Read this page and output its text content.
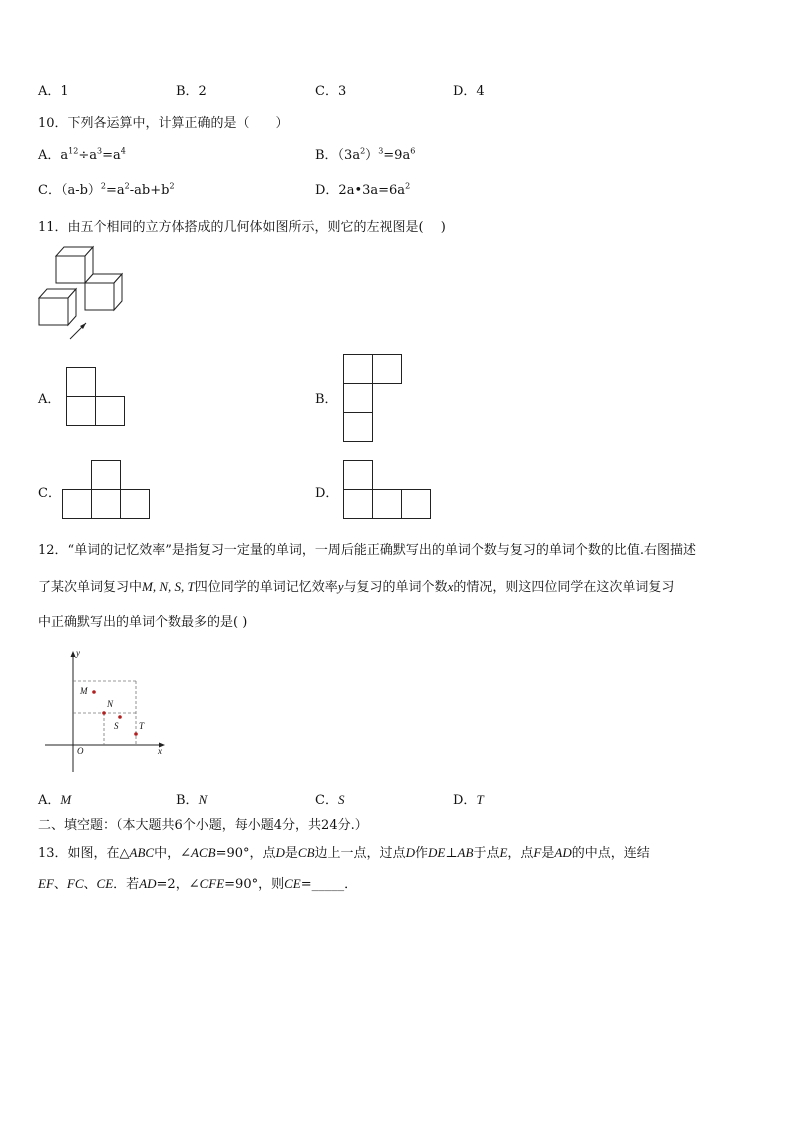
A．1	B．2	C．3	D．4
10．下列各运算中，计算正确的是（　　）
A．$a^{12}\div a^3=a^4$	B．$(3a^2)^3=9a^6$
C．$(a-b)^2=a^2-ab+b^2$	D．$2a•3a=6a^2$
11．由五个相同的立方体搭成的几何体如图所示，则它的左视图是(　 )
A．	B．
C．	D．
12．“单词的记忆效率”是指复习一定量的单词，一周后能正确默写出的单词个数与复习的单词个数的比值.右图描述
了某次单词复习中M, N, S, T四位同学的单词记忆效率y与复习的单词个数x的情况，则这四位同学在这次单词复习
中正确默写出的单词个数最多的是( )
y
x
O
M
N
S T
A．M	B．N	C．S	D．T
二、填空题：（本大题共6个小题，每小题4分，共24分.）
13．如图，在△ABC中，∠ACB=90°，点D是CB边上一点，过点D作DE⊥AB于点E，点F是AD的中点，连结
EF、FC、CE．若AD=2，∠CFE=90°，则CE=_____．
